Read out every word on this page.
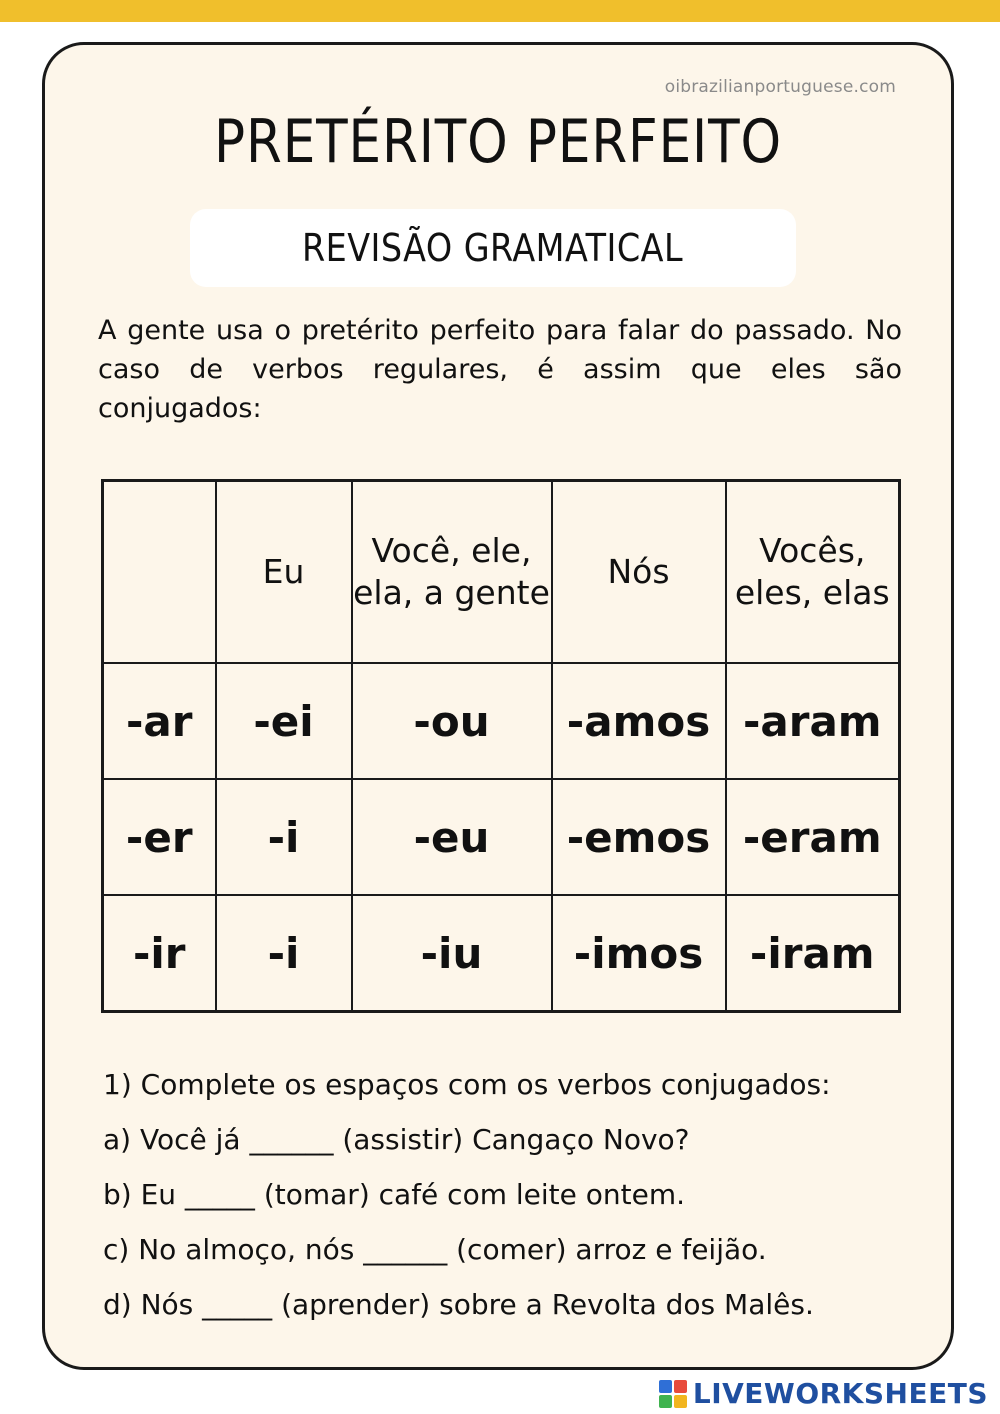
oibrazilianportuguese.com
PRETÉRITO PERFEITO
REVISÃO GRAMATICAL
A gente usa o pretérito perfeito para falar do passado. No caso de verbos regulares, é assim que eles são conjugados:
	Eu	Você, ele, ela, a gente	Nós	Vocês, eles, elas
-ar	-ei	-ou	-amos	-aram
-er	-i	-eu	-emos	-eram
-ir	-i	-iu	-imos	-iram
1) Complete os espaços com os verbos conjugados:
a) Você já ______ (assistir) Cangaço Novo?
b) Eu _____ (tomar) café com leite ontem.
c) No almoço, nós ______ (comer) arroz e feijão.
d) Nós _____ (aprender) sobre a Revolta dos Malês.
LIVEWORKSHEETS
